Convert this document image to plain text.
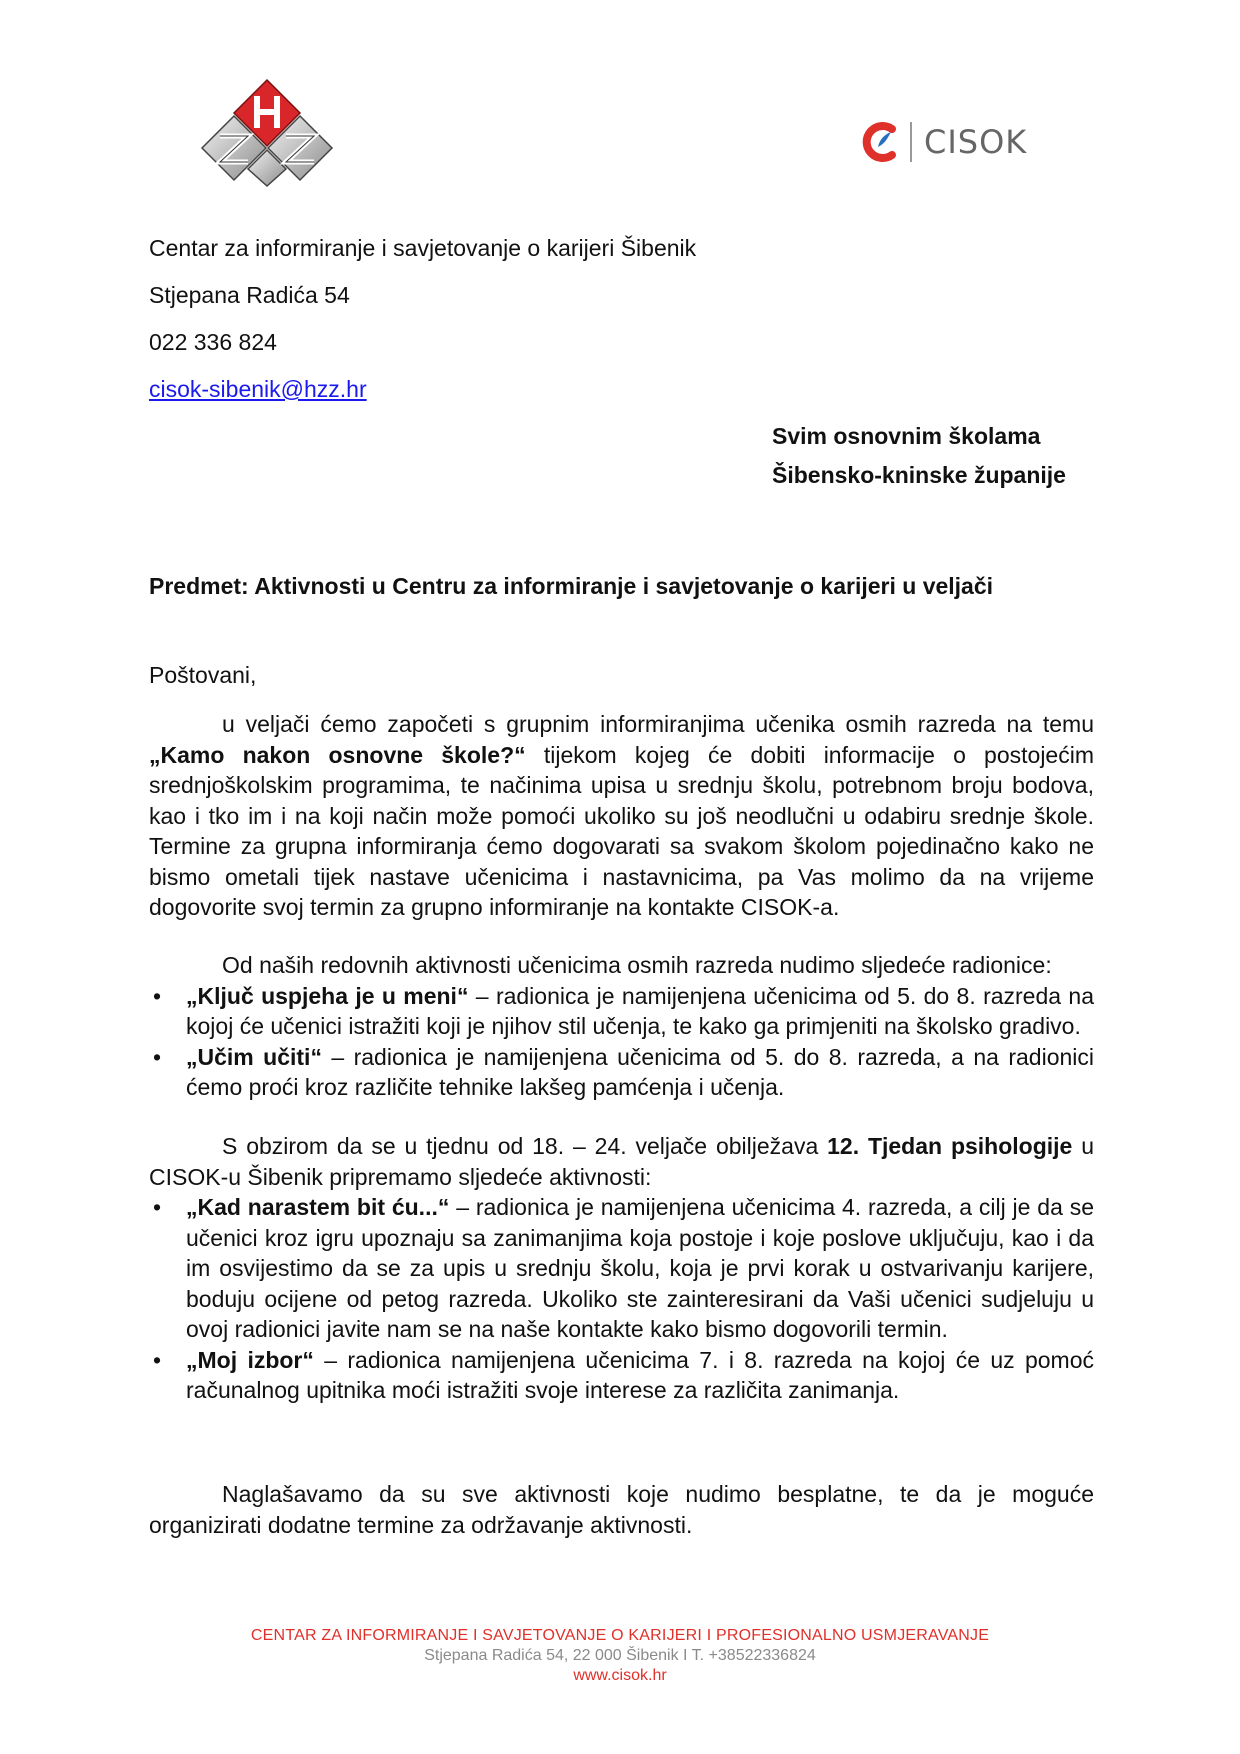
CISOK
Centar za informiranje i savjetovanje o karijeri Šibenik
Stjepana Radića 54
022 336 824
cisok-sibenik@hzz.hr
Svim osnovnim školama
Šibensko-kninske županije
Predmet: Aktivnosti u Centru za informiranje i savjetovanje o karijeri u veljači
Poštovani,

u veljači ćemo započeti s grupnim informiranjima učenika osmih razreda na temu „Kamo nakon osnovne škole?“ tijekom kojeg će dobiti informacije o postojećim srednjoškolskim programima, te načinima upisa u srednju školu, potrebnom broju bodova, kao i tko im i na koji način može pomoći ukoliko su još neodlučni u odabiru srednje škole. Termine za grupna informiranja ćemo dogovarati sa svakom školom pojedinačno kako ne bismo ometali tijek nastave učenicima i nastavnicima, pa Vas molimo da na vrijeme dogovorite svoj termin za grupno informiranje na kontakte CISOK-a.

Od naših redovnih aktivnosti učenicima osmih razreda nudimo sljedeće radionice:

• „Ključ uspjeha je u meni“ – radionica je namijenjena učenicima od 5. do 8. razreda na kojoj će učenici istražiti koji je njihov stil učenja, te kako ga primjeniti na školsko gradivo.
• „Učim učiti“ – radionica je namijenjena učenicima od 5. do 8. razreda, a na radionici ćemo proći kroz različite tehnike lakšeg pamćenja i učenja.

S obzirom da se u tjednu od 18. – 24. veljače obilježava 12. Tjedan psihologije u CISOK-u Šibenik pripremamo sljedeće aktivnosti:

• „Kad narastem bit ću...“ – radionica je namijenjena učenicima 4. razreda, a cilj je da se učenici kroz igru upoznaju sa zanimanjima koja postoje i koje poslove uključuju, kao i da im osvijestimo da se za upis u srednju školu, koja je prvi korak u ostvarivanju karijere, boduju ocijene od petog razreda. Ukoliko ste zainteresirani da Vaši učenici sudjeluju u ovoj radionici javite nam se na naše kontakte kako bismo dogovorili termin.
• „Moj izbor“ – radionica namijenjena učenicima 7. i 8. razreda na kojoj će uz pomoć računalnog upitnika moći istražiti svoje interese za različita zanimanja.

Naglašavamo da su sve aktivnosti koje nudimo besplatne, te da je moguće organizirati dodatne termine za održavanje aktivnosti.

CENTAR ZA INFORMIRANJE I SAVJETOVANJE O KARIJERI I PROFESIONALNO USMJERAVANJE
Stjepana Radića 54, 22 000 Šibenik I T. +38522336824
www.cisok.hr
